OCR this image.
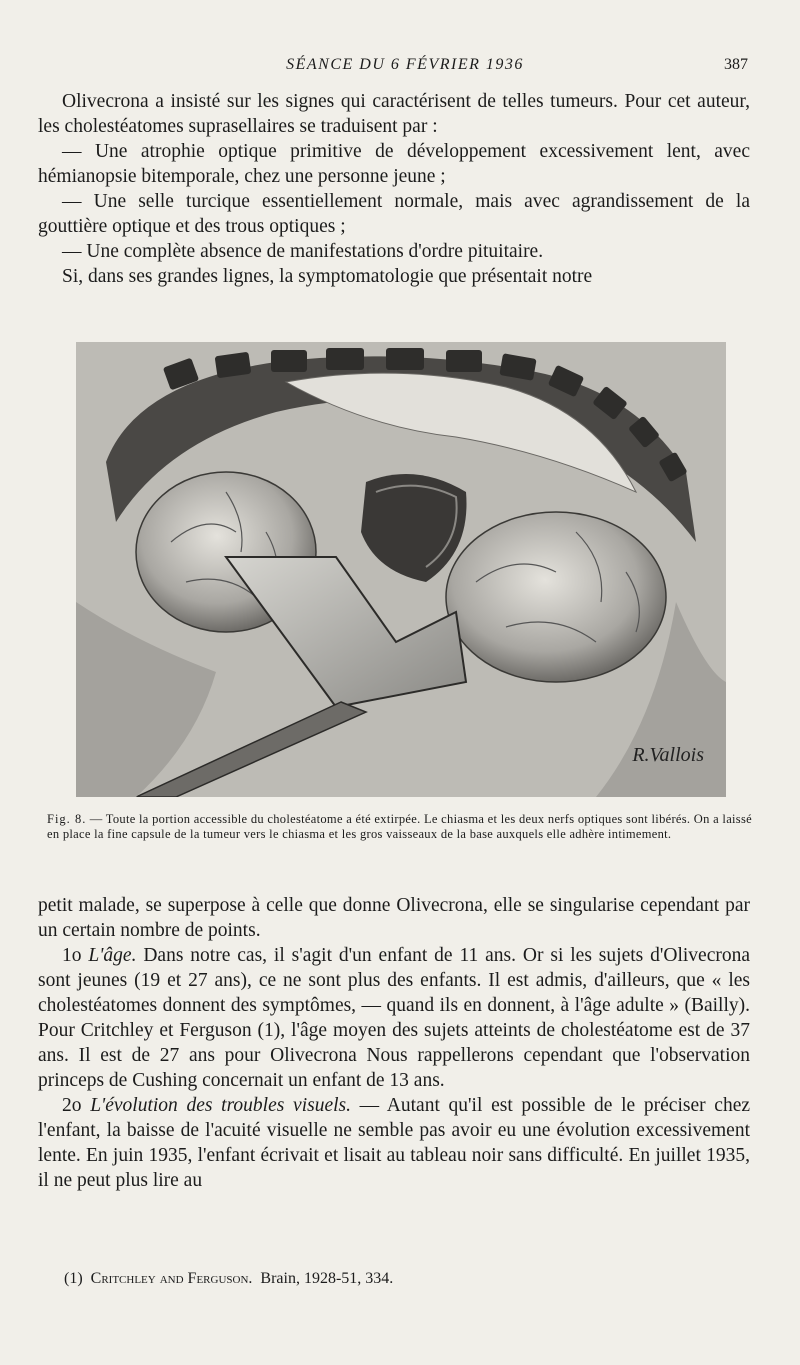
SÉANCE DU 6 FÉVRIER 1936	387

Olivecrona a insisté sur les signes qui caractérisent de telles tumeurs. Pour cet auteur, les cholestéatomes suprasellaires se traduisent par :

— Une atrophie optique primitive de développement excessivement lent, avec hémianopsie bitemporale, chez une personne jeune ;

— Une selle turcique essentiellement normale, mais avec agrandissement de la gouttière optique et des trous optiques ;

— Une complète absence de manifestations d'ordre pituitaire.

Si, dans ses grandes lignes, la symptomatologie que présentait notre

R.Vallois
Fig. 8. — Toute la portion accessible du cholestéatome a été extirpée. Le chiasma et les deux nerfs optiques sont libérés. On a laissé en place la fine capsule de la tumeur vers le chiasma et les gros vaisseaux de la base auxquels elle adhère intimement.

petit malade, se superpose à celle que donne Olivecrona, elle se singularise cependant par un certain nombre de points.

1o L'âge. Dans notre cas, il s'agit d'un enfant de 11 ans. Or si les sujets d'Olivecrona sont jeunes (19 et 27 ans), ce ne sont plus des enfants. Il est admis, d'ailleurs, que « les cholestéatomes donnent des symptômes, — quand ils en donnent, à l'âge adulte » (Bailly). Pour Critchley et Ferguson (1), l'âge moyen des sujets atteints de cholestéatome est de 37 ans. Il est de 27 ans pour Olivecrona Nous rappellerons cependant que l'observation princeps de Cushing concernait un enfant de 13 ans.

2o L'évolution des troubles visuels. — Autant qu'il est possible de le préciser chez l'enfant, la baisse de l'acuité visuelle ne semble pas avoir eu une évolution excessivement lente. En juin 1935, l'enfant écrivait et lisait au tableau noir sans difficulté. En juillet 1935, il ne peut plus lire au

(1) Critchley and Ferguson. Brain, 1928-51, 334.
